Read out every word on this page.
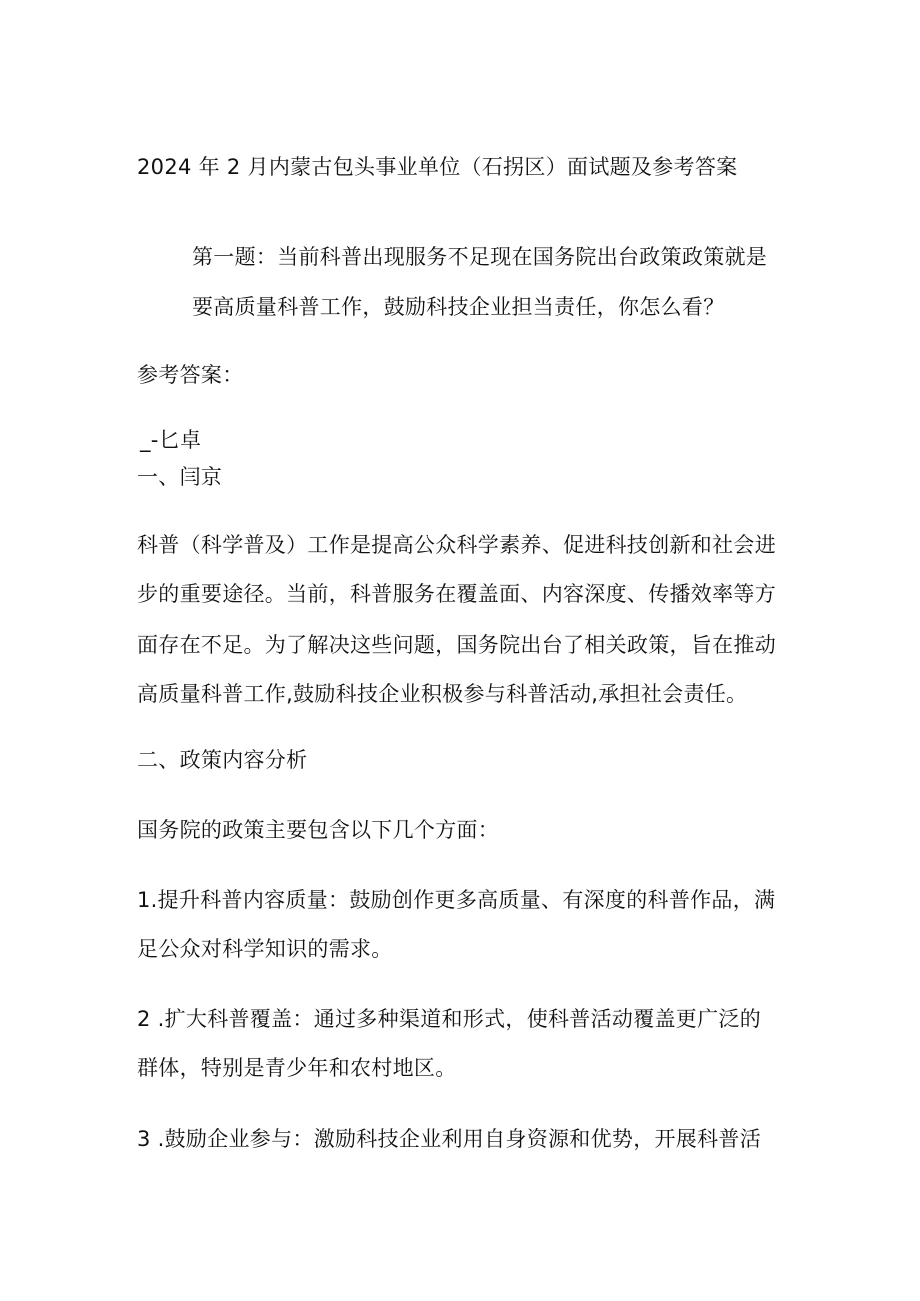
2024 年 2 月内蒙古包头事业单位（石拐区）面试题及参考答案
第一题：当前科普出现服务不足现在国务院出台政策政策就是
要高质量科普工作，鼓励科技企业担当责任，你怎么看？
参考答案：
_-匕卓
一、闫京
科普（科学普及）工作是提高公众科学素养、促进科技创新和社会进
步的重要途径。当前，科普服务在覆盖面、内容深度、传播效率等方
面存在不足。为了解决这些问题，国务院出台了相关政策，旨在推动
高质量科普工作,鼓励科技企业积极参与科普活动,承担社会责任。
二、政策内容分析
国务院的政策主要包含以下几个方面：
1.提升科普内容质量：鼓励创作更多高质量、有深度的科普作品，满
足公众对科学知识的需求。
2 .扩大科普覆盖：通过多种渠道和形式，使科普活动覆盖更广泛的
群体，特别是青少年和农村地区。
3 .鼓励企业参与：激励科技企业利用自身资源和优势，开展科普活
